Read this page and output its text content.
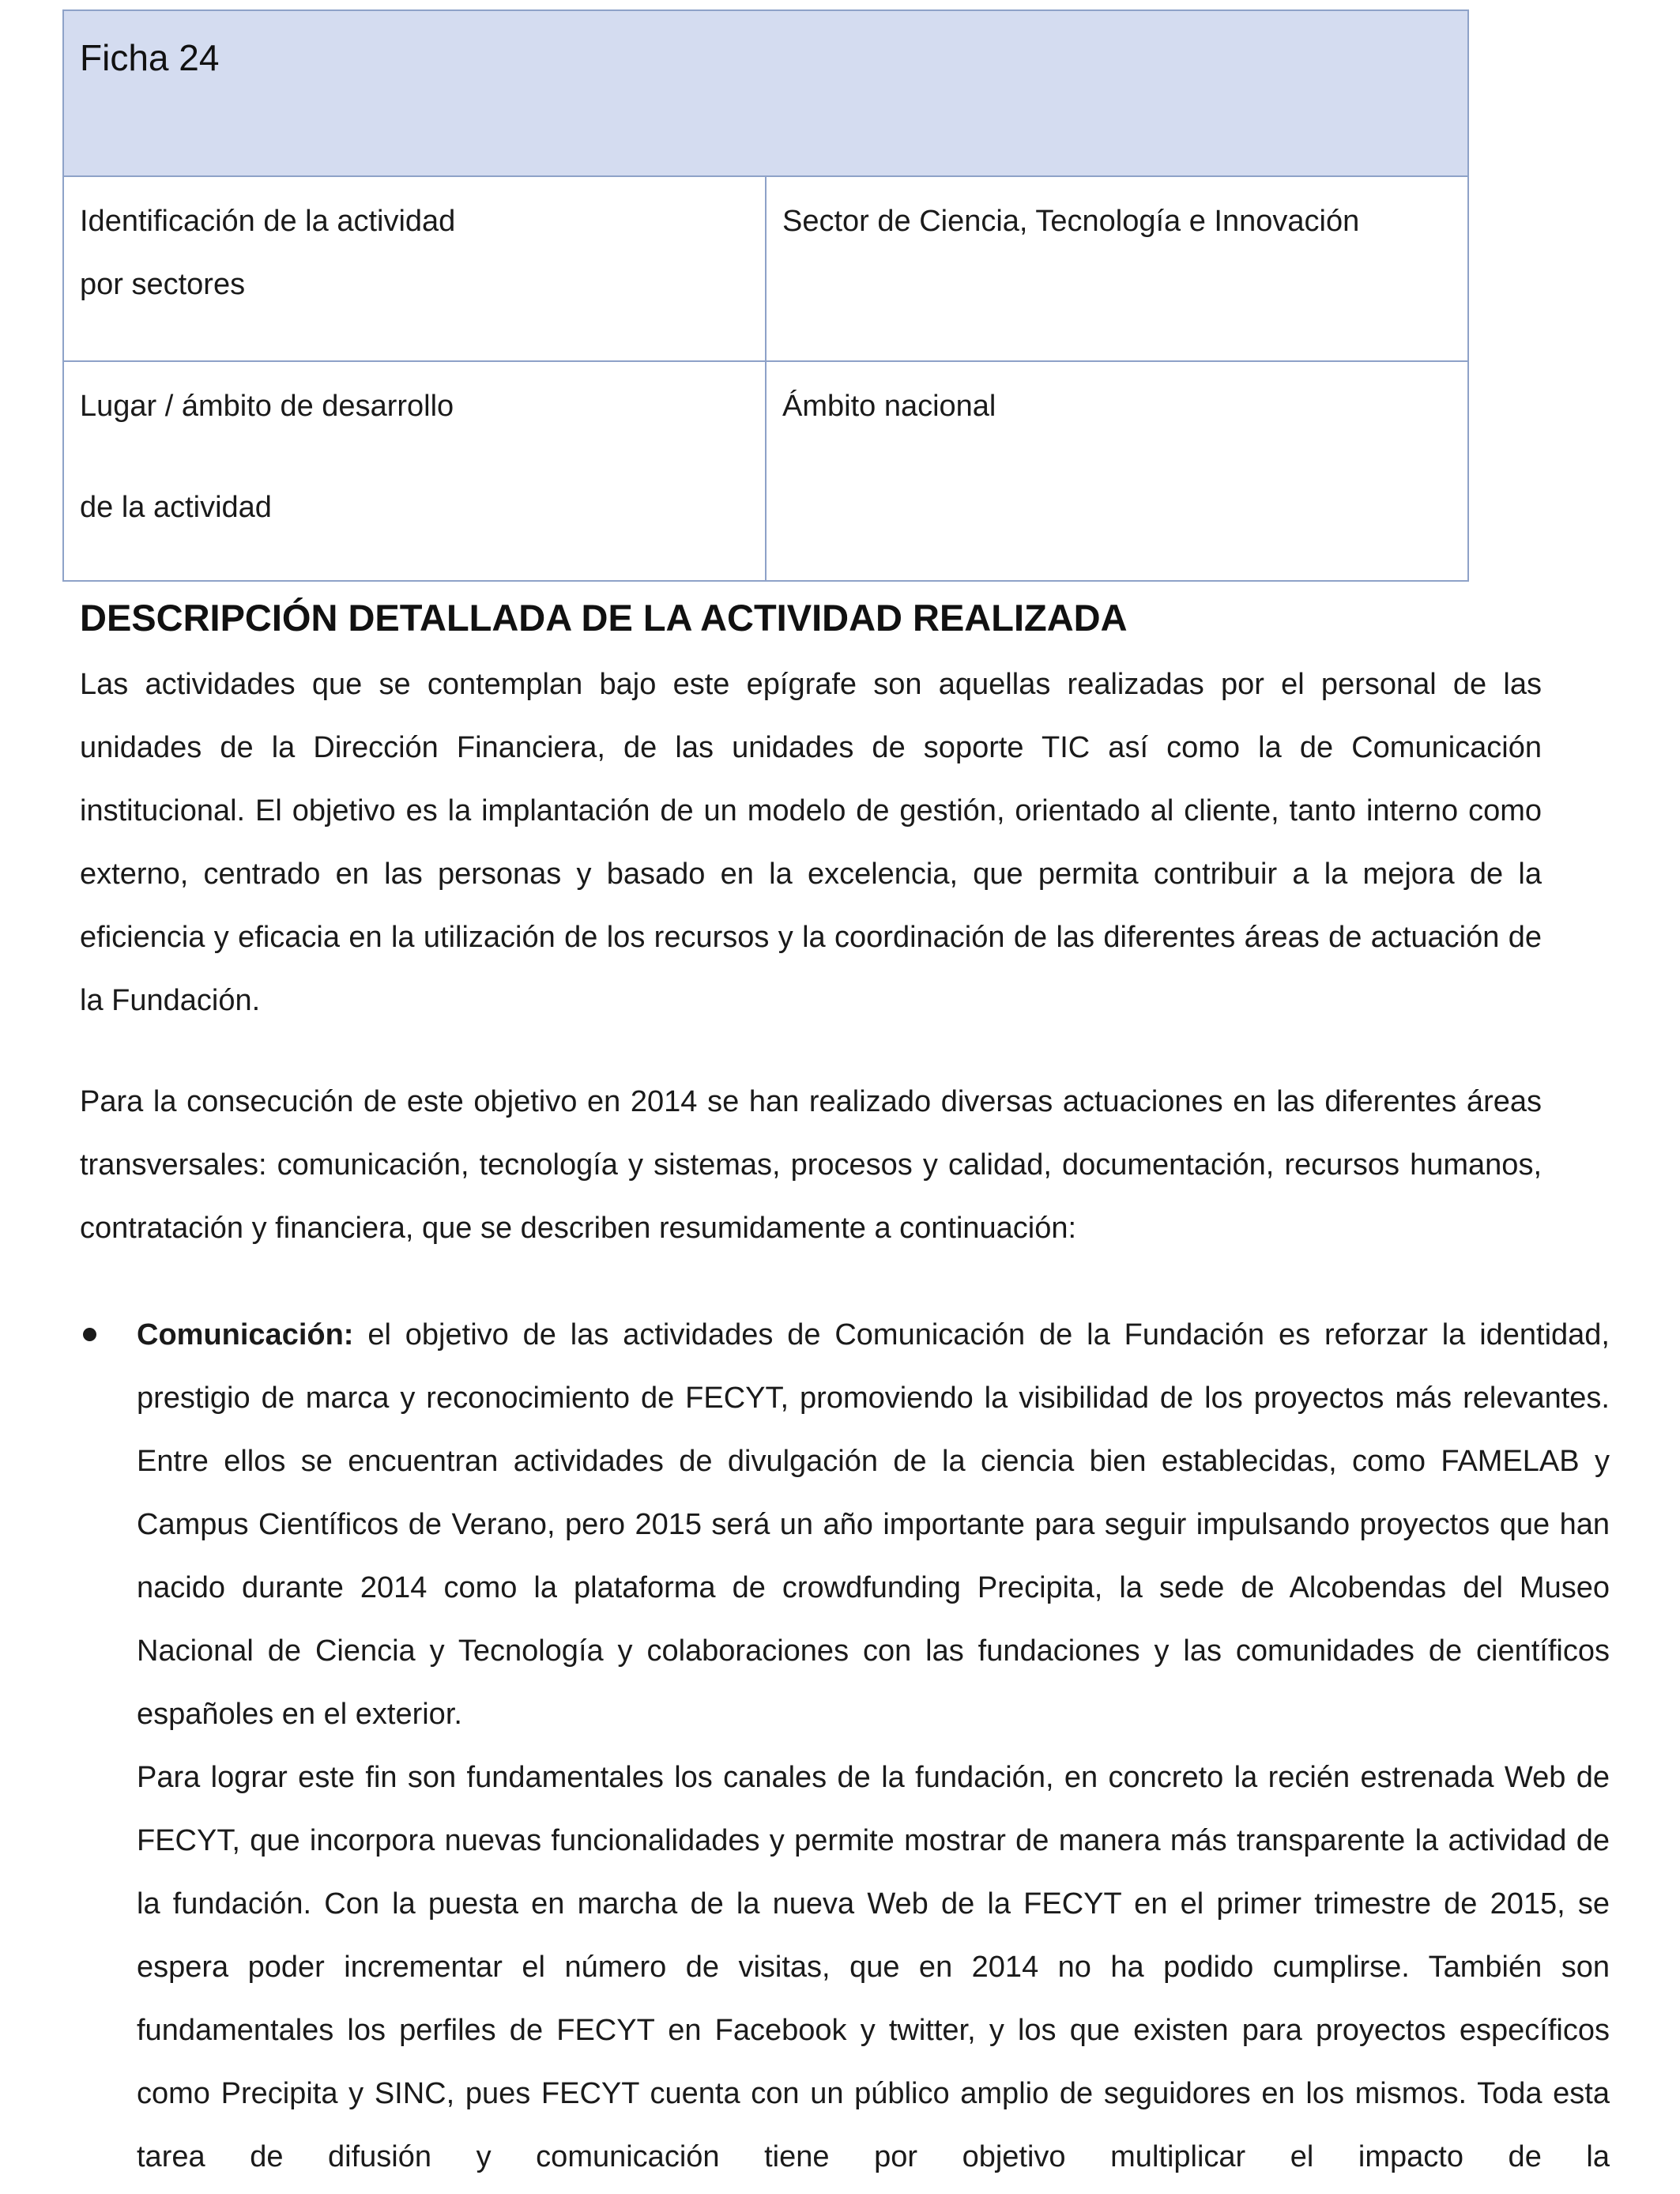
Ficha 24	

Identificación de la actividad por sectores	Sector de Ciencia, Tecnología e Innovación

Lugar / ámbito de desarrollo
de la actividad	Ámbito nacional
DESCRIPCIÓN DETALLADA DE LA ACTIVIDAD REALIZADA

Las actividades que se contemplan bajo este epígrafe son aquellas realizadas por el personal de las unidades de la Dirección Financiera, de las unidades de soporte TIC así como la de Comunicación institucional. El objetivo es la implantación de un modelo de gestión, orientado al cliente, tanto interno como externo, centrado en las personas y basado en la excelencia, que permita contribuir a la mejora de la eficiencia y eficacia en la utilización de los recursos y la coordinación de las diferentes áreas de actuación de la Fundación.

Para la consecución de este objetivo en 2014 se han realizado diversas actuaciones en las diferentes áreas transversales: comunicación, tecnología y sistemas, procesos y calidad, documentación, recursos humanos, contratación y financiera, que se describen resumidamente a continuación:

Comunicación: el objetivo de las actividades de Comunicación de la Fundación es reforzar la identidad, prestigio de marca y reconocimiento de FECYT, promoviendo la visibilidad de los proyectos más relevantes. Entre ellos se encuentran actividades de divulgación de la ciencia bien establecidas, como FAMELAB y Campus Científicos de Verano, pero 2015 será un año importante para seguir impulsando proyectos que han nacido durante 2014 como la plataforma de crowdfunding Precipita, la sede de Alcobendas del Museo Nacional de Ciencia y Tecnología y colaboraciones con las fundaciones y las comunidades de científicos españoles en el exterior.

Para lograr este fin son fundamentales los canales de la fundación, en concreto la recién estrenada Web de FECYT, que incorpora nuevas funcionalidades y permite mostrar de manera más transparente la actividad de la fundación. Con la puesta en marcha de la nueva Web de la FECYT en el primer trimestre de 2015, se espera poder incrementar el número de visitas, que en 2014 no ha podido cumplirse. También son fundamentales los perfiles de FECYT en Facebook y twitter, y los que existen para proyectos específicos como Precipita y SINC, pues FECYT cuenta con un público amplio de seguidores en los mismos. Toda esta tarea de difusión y comunicación tiene por objetivo multiplicar el impacto de la
